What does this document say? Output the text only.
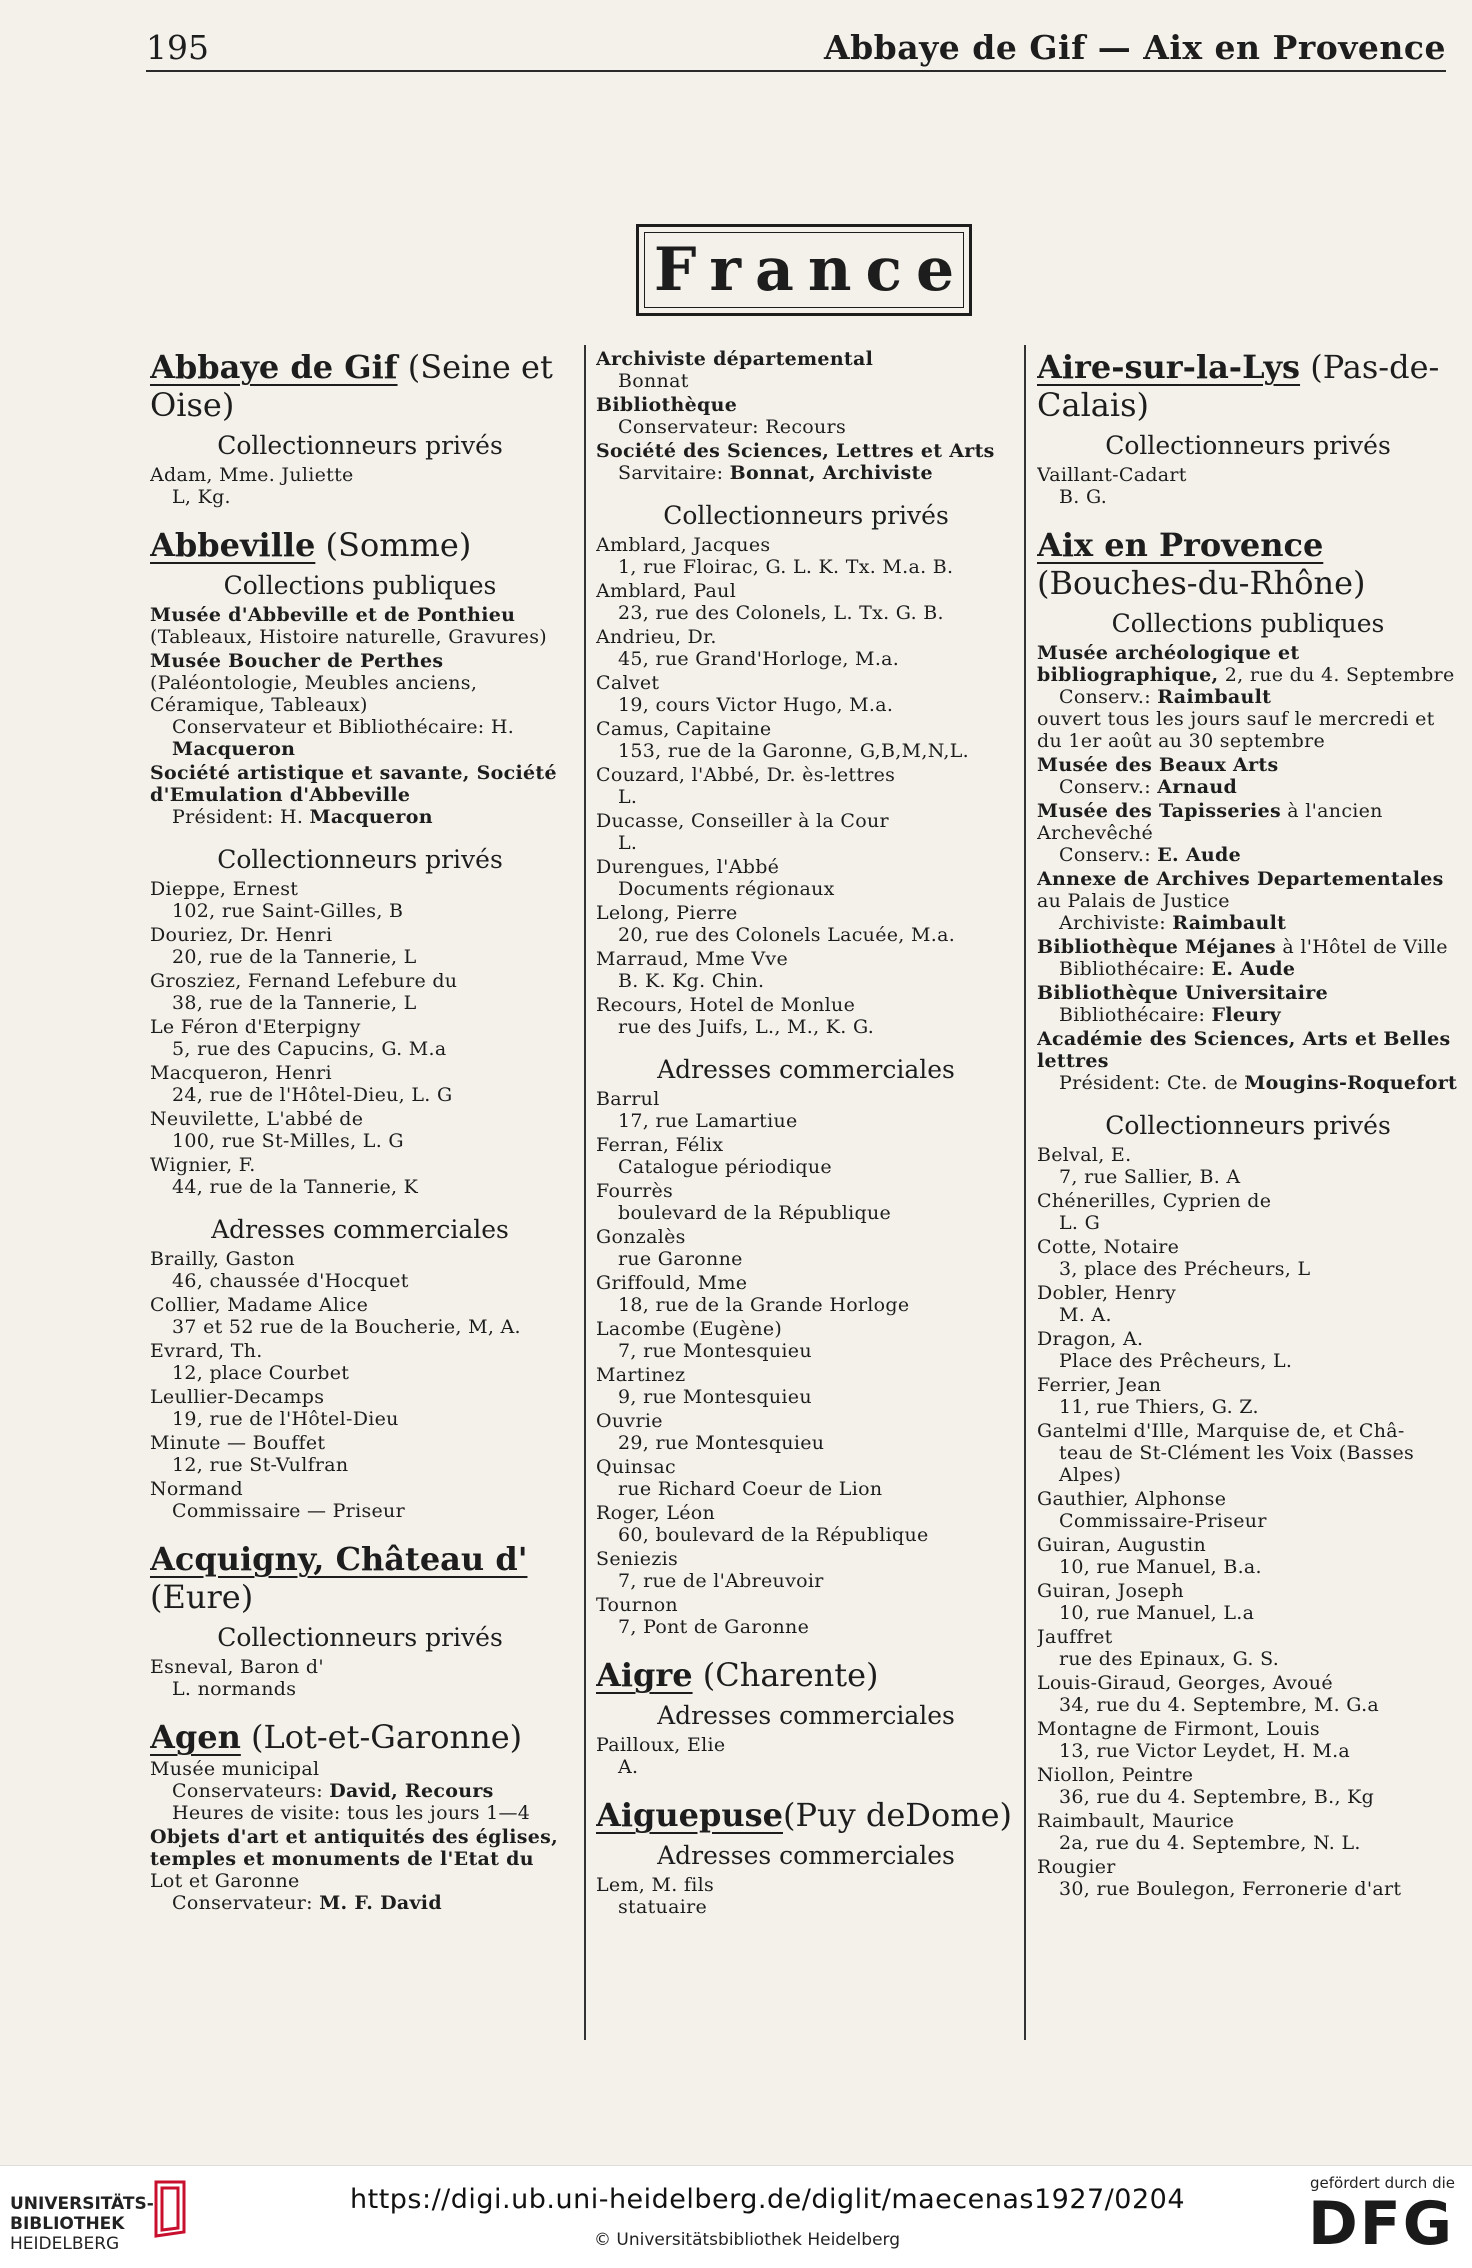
195	Abbaye de Gif — Aix en Provence
France
Abbaye de Gif (Seine et Oise)
Collectionneurs privés
Adam, Mme. Juliette
L, Kg.
Abbeville (Somme)
Collections publiques
Musée d'Abbeville et de Ponthieu (Tableaux, Histoire naturelle, Gravures)
Musée Boucher de Perthes (Paléontologie, Meubles anciens, Céramique, Tableaux)
Conservateur et Bibliothécaire: H. Macqueron
Société artistique et savante, Société d'Emulation d'Abbeville
Président: H. Macqueron
Collectionneurs privés
Dieppe, Ernest
102, rue Saint-Gilles, B
Douriez, Dr. Henri
20, rue de la Tannerie, L
Grosziez, Fernand Lefebure du
38, rue de la Tannerie, L
Le Féron d'Eterpigny
5, rue des Capucins, G. M.a
Macqueron, Henri
24, rue de l'Hôtel-Dieu, L. G
Neuvilette, L'abbé de
100, rue St-Milles, L. G
Wignier, F.
44, rue de la Tannerie, K
Adresses commerciales
Brailly, Gaston
46, chaussée d'Hocquet
Collier, Madame Alice
37 et 52 rue de la Boucherie, M, A.
Evrard, Th.
12, place Courbet
Leullier-Decamps
19, rue de l'Hôtel-Dieu
Minute — Bouffet
12, rue St-Vulfran
Normand
Commissaire — Priseur
Acquigny, Château d' (Eure)
Collectionneurs privés
Esneval, Baron d'
L. normands
Agen (Lot-et-Garonne)
Musée municipal
Conservateurs: David, Recours
Heures de visite: tous les jours 1—4
Objets d'art et antiquités des églises, temples et monuments de l'Etat du Lot et Garonne
Conservateur: M. F. David
Archiviste départemental
Bonnat
Bibliothèque
Conservateur: Recours
Société des Sciences, Lettres et Arts
Sarvitaire: Bonnat, Archiviste
Collectionneurs privés
Amblard, Jacques
1, rue Floirac, G. L. K. Tx. M.a. B.
Amblard, Paul
23, rue des Colonels, L. Tx. G. B.
Andrieu, Dr.
45, rue Grand'Horloge, M.a.
Calvet
19, cours Victor Hugo, M.a.
Camus, Capitaine
153, rue de la Garonne, G,B,M,N,L.
Couzard, l'Abbé, Dr. ès-lettres
L.
Ducasse, Conseiller à la Cour
L.
Durengues, l'Abbé
Documents régionaux
Lelong, Pierre
20, rue des Colonels Lacuée, M.a.
Marraud, Mme Vve
B. K. Kg. Chin.
Recours, Hotel de Monlue
rue des Juifs, L., M., K. G.
Adresses commerciales
Barrul
17, rue Lamartiue
Ferran, Félix
Catalogue périodique
Fourrès
boulevard de la République
Gonzalès
rue Garonne
Griffould, Mme
18, rue de la Grande Horloge
Lacombe (Eugène)
7, rue Montesquieu
Martinez
9, rue Montesquieu
Ouvrie
29, rue Montesquieu
Quinsac
rue Richard Coeur de Lion
Roger, Léon
60, boulevard de la République
Seniezis
7, rue de l'Abreuvoir
Tournon
7, Pont de Garonne
Aigre (Charente)
Adresses commerciales
Pailloux, Elie
A.
Aiguepuse(Puy deDome)
Adresses commerciales
Lem, M. fils
statuaire
Aire-sur-la-Lys (Pas-de-Calais)
Collectionneurs privés
Vaillant-Cadart
B. G.
Aix en Provence (Bouches-du-Rhône)
Collections publiques
Musée archéologique et bibliographique, 2, rue du 4. Septembre
Conserv.: Raimbault
ouvert tous les jours sauf le mercredi et du 1er août au 30 septembre
Musée des Beaux Arts
Conserv.: Arnaud
Musée des Tapisseries à l'ancien Archevêché
Conserv.: E. Aude
Annexe de Archives Departementales au Palais de Justice
Archiviste: Raimbault
Bibliothèque Méjanes à l'Hôtel de Ville
Bibliothécaire: E. Aude
Bibliothèque Universitaire
Bibliothécaire: Fleury
Académie des Sciences, Arts et Belles lettres
Président: Cte. de Mougins-Roquefort
Collectionneurs privés
Belval, E.
7, rue Sallier, B. A
Chénerilles, Cyprien de
L. G
Cotte, Notaire
3, place des Précheurs, L
Dobler, Henry
M. A.
Dragon, A.
Place des Prêcheurs, L.
Ferrier, Jean
11, rue Thiers, G. Z.
Gantelmi d'Ille, Marquise de, et Châ-
teau de St-Clément les Voix (Basses Alpes)
Gauthier, Alphonse
Commissaire-Priseur
Guiran, Augustin
10, rue Manuel, B.a.
Guiran, Joseph
10, rue Manuel, L.a
Jauffret
rue des Epinaux, G. S.
Louis-Giraud, Georges, Avoué
34, rue du 4. Septembre, M. G.a
Montagne de Firmont, Louis
13, rue Victor Leydet, H. M.a
Niollon, Peintre
36, rue du 4. Septembre, B., Kg
Raimbault, Maurice
2a, rue du 4. Septembre, N. L.
Rougier
30, rue Boulegon, Ferronerie d'art
UNIVERSITÄTS-
BIBLIOTHEK
HEIDELBERG
https://digi.ub.uni-heidelberg.de/diglit/maecenas1927/0204
© Universitätsbibliothek Heidelberg
gefördert durch die
DFG
